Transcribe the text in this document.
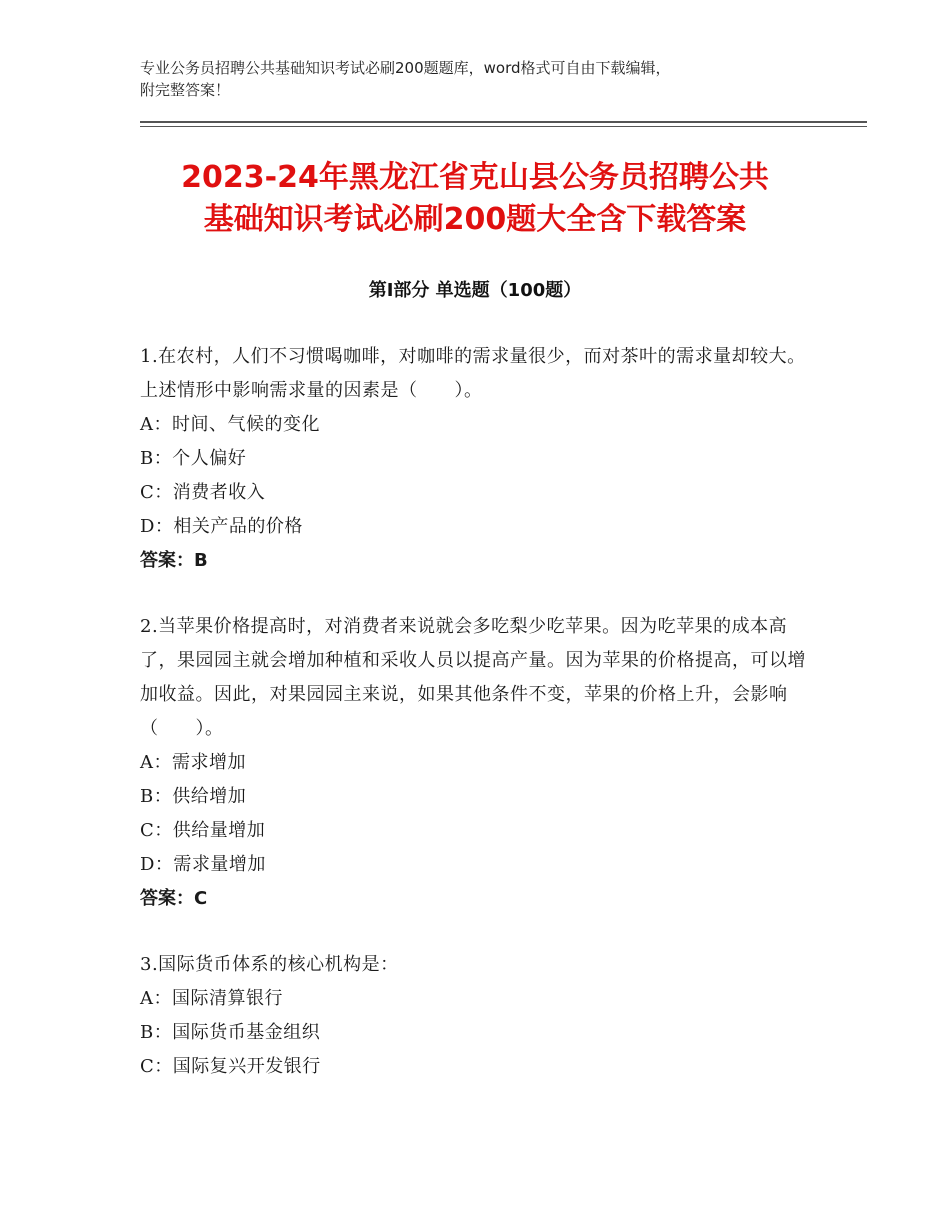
专业公务员招聘公共基础知识考试必刷200题题库，word格式可自由下载编辑，

附完整答案！

2023-24年黑龙江省克山县公务员招聘公共

基础知识考试必刷200题大全含下载答案

第Ⅰ部分 单选题（100题）

1.在农村，人们不习惯喝咖啡，对咖啡的需求量很少，而对茶叶的需求量却较大。上述情形中影响需求量的因素是（　　）。

A：时间、气候的变化

B：个人偏好

C：消费者收入

D：相关产品的价格

答案：B

2.当苹果价格提高时，对消费者来说就会多吃梨少吃苹果。因为吃苹果的成本高了，果园园主就会增加种植和采收人员以提高产量。因为苹果的价格提高，可以增加收益。因此，对果园园主来说，如果其他条件不变，苹果的价格上升，会影响（　　）。

A：需求增加

B：供给增加

C：供给量增加

D：需求量增加

答案：C

3.国际货币体系的核心机构是：

A：国际清算银行

B：国际货币基金组织

C：国际复兴开发银行
